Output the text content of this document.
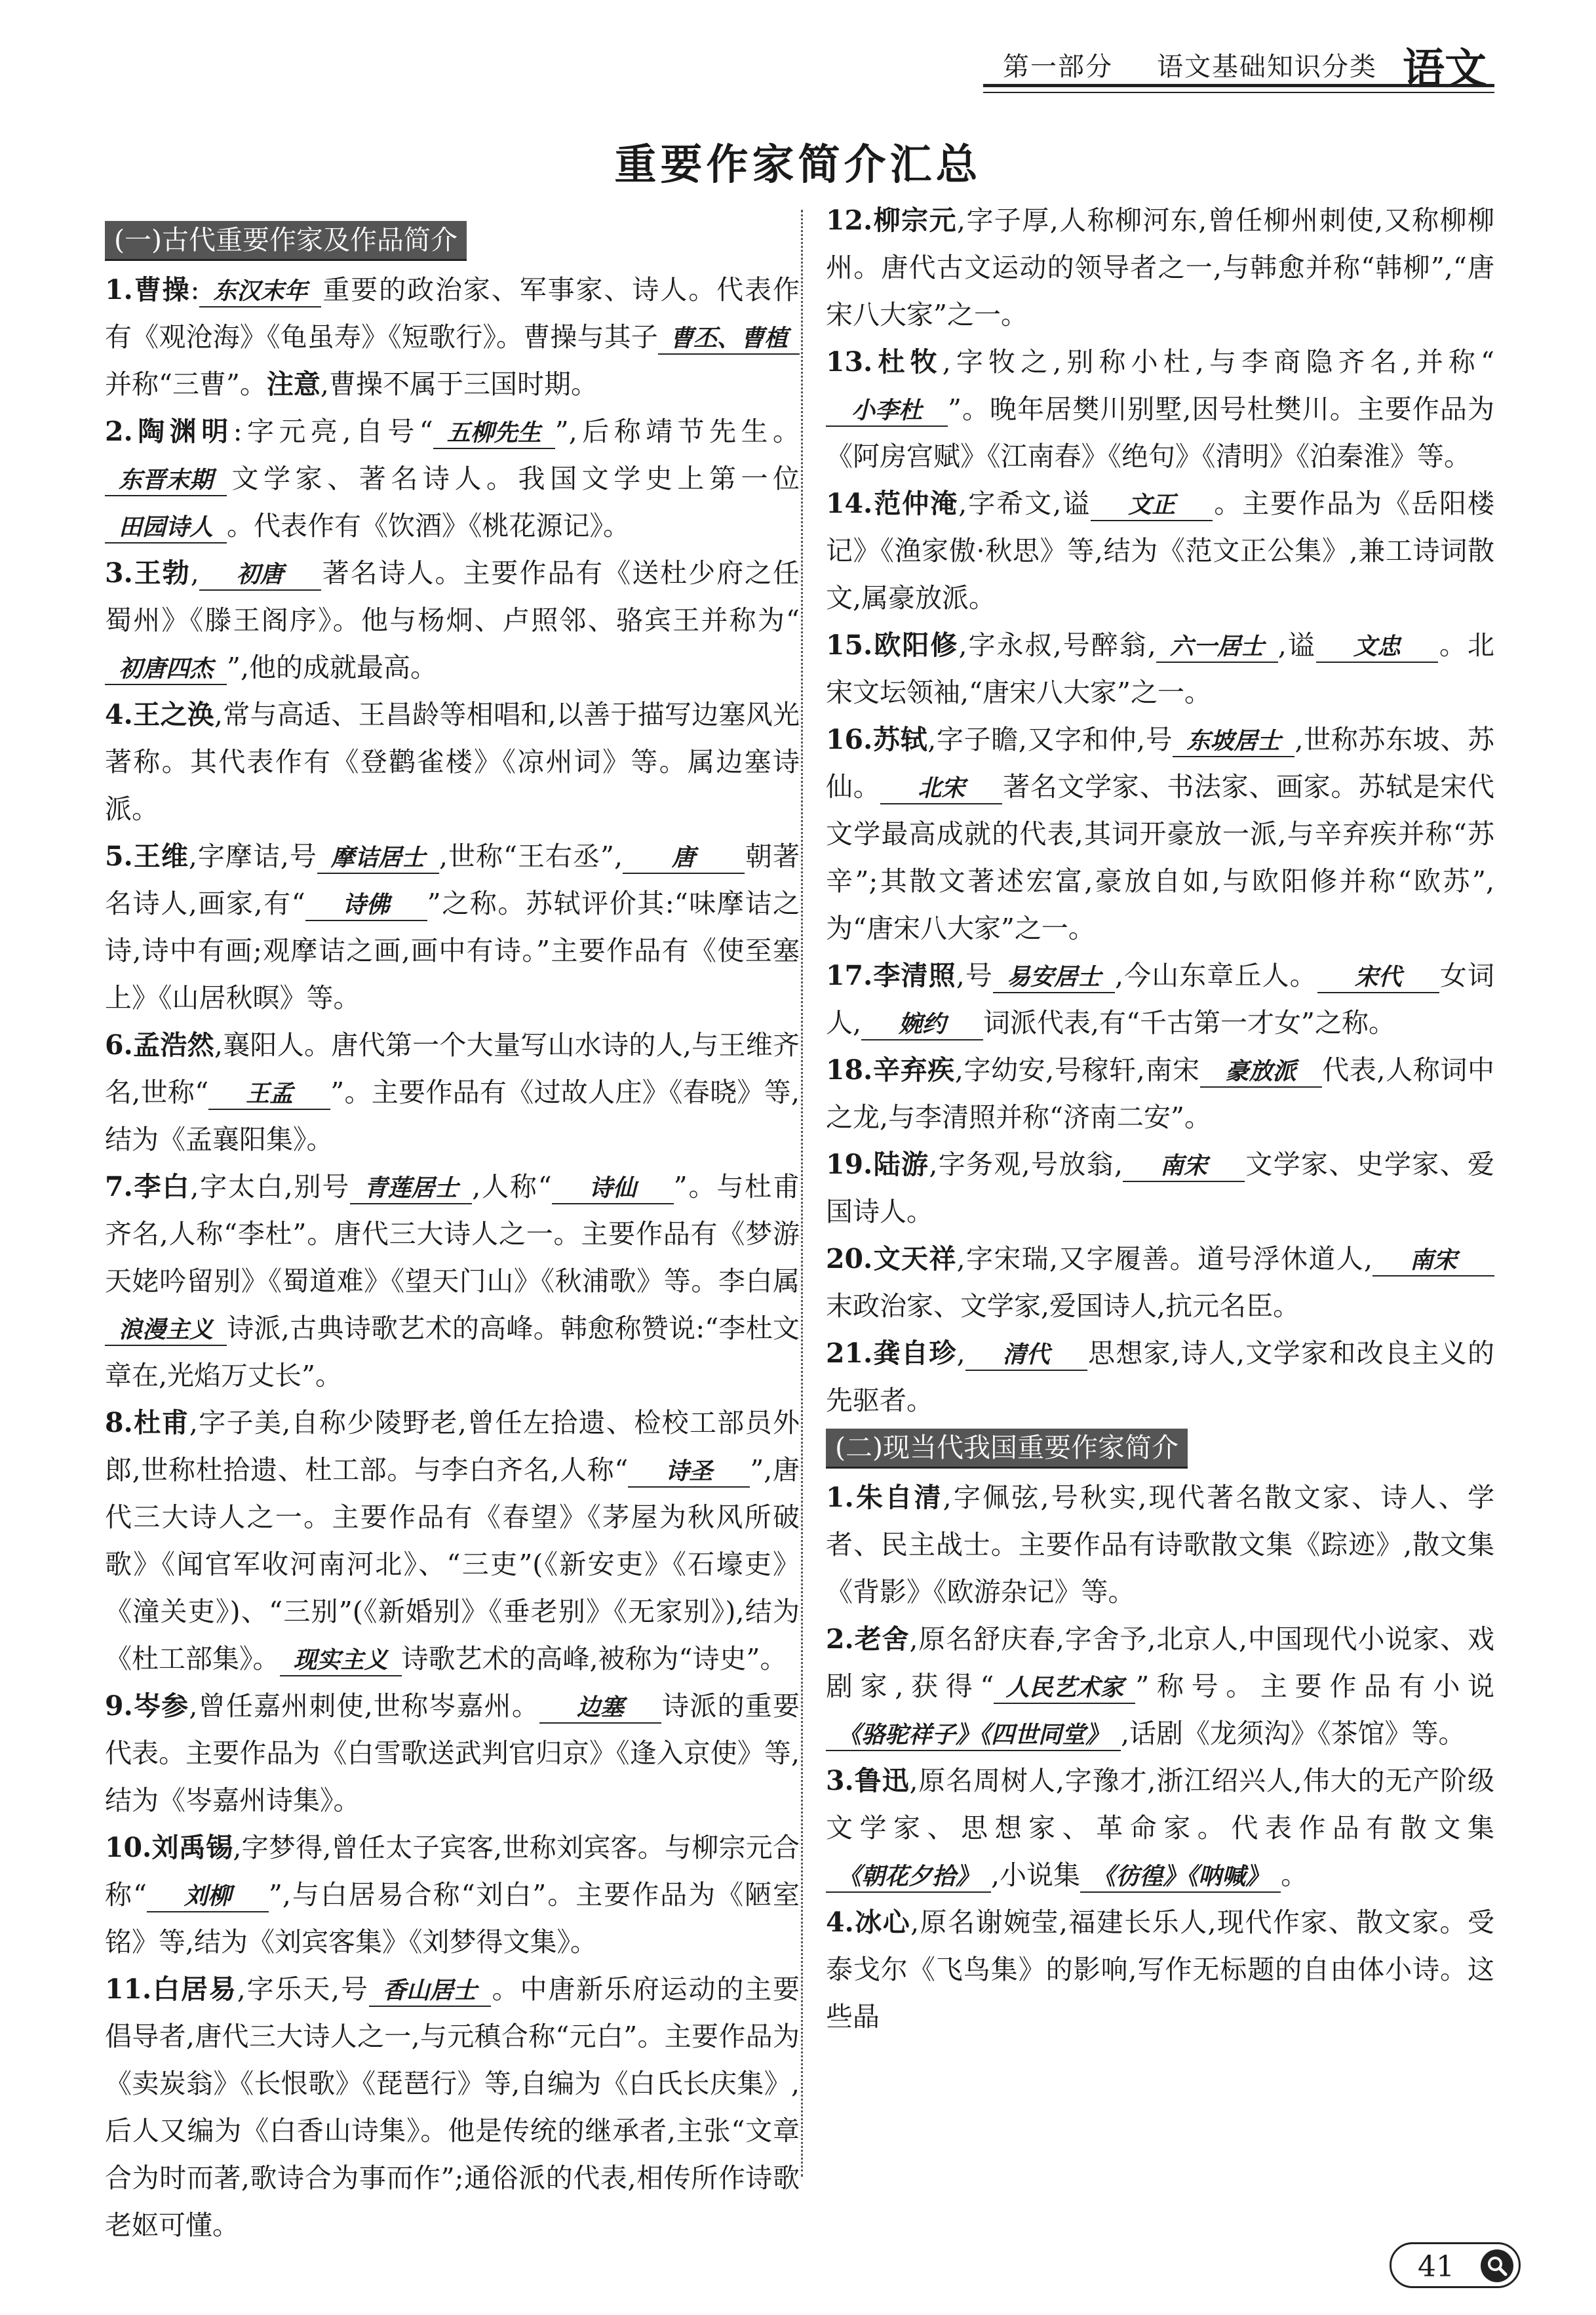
第一部分 语文基础知识分类 语文
重要作家简介汇总
(一)古代重要作家及作品简介

1.曹操: 东汉末年 重要的政治家、军事家、诗人。代表作有《观沧海》《龟虽寿》《短歌行》。曹操与其子 曹丕、曹植并称“三曹”。注意,曹操不属于三国时期。

2.陶渊明:字元亮,自号“ 五柳先生 ”,后称靖节先生。东晋末期 文学家、著名诗人。我国文学史上第一位田园诗人 。代表作有《饮酒》《桃花源记》。

3.王勃, 初唐 著名诗人。主要作品有《送杜少府之任蜀州》《滕王阁序》。他与杨炯、卢照邻、骆宾王并称为“初唐四杰 ”,他的成就最高。

4.王之涣,常与高适、王昌龄等相唱和,以善于描写边塞风光著称。其代表作有《登鹳雀楼》《凉州词》等。属边塞诗派。

5.王维,字摩诘,号 摩诘居士 ,世称“王右丞”, 唐 朝著名诗人,画家,有“ 诗佛 ”之称。苏轼评价其:“味摩诘之诗,诗中有画;观摩诘之画,画中有诗。”主要作品有《使至塞上》《山居秋暝》等。

6.孟浩然,襄阳人。唐代第一个大量写山水诗的人,与王维齐名,世称“ 王孟 ”。主要作品有《过故人庄》《春晓》等,结为《孟襄阳集》。

7.李白,字太白,别号 青莲居士 ,人称“ 诗仙 ”。与杜甫齐名,人称“李杜”。唐代三大诗人之一。主要作品有《梦游天姥吟留别》《蜀道难》《望天门山》《秋浦歌》等。李白属浪漫主义 诗派,古典诗歌艺术的高峰。韩愈称赞说:“李杜文章在,光焰万丈长”。

8.杜甫,字子美,自称少陵野老,曾任左拾遗、检校工部员外郎,世称杜拾遗、杜工部。与李白齐名,人称“ 诗圣 ”,唐代三大诗人之一。主要作品有《春望》《茅屋为秋风所破歌》《闻官军收河南河北》、“三吏”(《新安吏》《石壕吏》《潼关吏》)、“三别”(《新婚别》《垂老别》《无家别》),结为《杜工部集》。 现实主义 诗歌艺术的高峰,被称为“诗史”。

9.岑参,曾任嘉州刺使,世称岑嘉州。 边塞 诗派的重要代表。主要作品为《白雪歌送武判官归京》《逢入京使》等,结为《岑嘉州诗集》。

10.刘禹锡,字梦得,曾任太子宾客,世称刘宾客。与柳宗元合称“ 刘柳 ”,与白居易合称“刘白”。主要作品为《陋室铭》等,结为《刘宾客集》《刘梦得文集》。

11.白居易,字乐天,号 香山居士 。中唐新乐府运动的主要倡导者,唐代三大诗人之一,与元稹合称“元白”。主要作品为《卖炭翁》《长恨歌》《琵琶行》等,自编为《白氏长庆集》,后人又编为《白香山诗集》。他是传统的继承者,主张“文章合为时而著,歌诗合为事而作”;通俗派的代表,相传所作诗歌老妪可懂。

12.柳宗元,字子厚,人称柳河东,曾任柳州刺使,又称柳柳州。唐代古文运动的领导者之一,与韩愈并称“韩柳”,“唐宋八大家”之一。

13.杜牧,字牧之,别称小杜,与李商隐齐名,并称“小李杜 ”。晚年居樊川别墅,因号杜樊川。主要作品为《阿房宫赋》《江南春》《绝句》《清明》《泊秦淮》等。

14.范仲淹,字希文,谥 文正 。主要作品为《岳阳楼记》《渔家傲·秋思》等,结为《范文正公集》,兼工诗词散文,属豪放派。

15.欧阳修,字永叔,号醉翁, 六一居士 ,谥 文忠 。北宋文坛领袖,“唐宋八大家”之一。

16.苏轼,字子瞻,又字和仲,号 东坡居士 ,世称苏东坡、苏仙。 北宋 著名文学家、书法家、画家。苏轼是宋代文学最高成就的代表,其词开豪放一派,与辛弃疾并称“苏辛”;其散文著述宏富,豪放自如,与欧阳修并称“欧苏”,为“唐宋八大家”之一。

17.李清照,号 易安居士 ,今山东章丘人。 宋代 女词人, 婉约 词派代表,有“千古第一才女”之称。

18.辛弃疾,字幼安,号稼轩,南宋 豪放派 代表,人称词中之龙,与李清照并称“济南二安”。

19.陆游,字务观,号放翁, 南宋 文学家、史学家、爱国诗人。

20.文天祥,字宋瑞,又字履善。道号浮休道人, 南宋末政治家、文学家,爱国诗人,抗元名臣。

21.龚自珍, 清代 思想家,诗人,文学家和改良主义的先驱者。

(二)现当代我国重要作家简介

1.朱自清,字佩弦,号秋实,现代著名散文家、诗人、学者、民主战士。主要作品有诗歌散文集《踪迹》,散文集《背影》《欧游杂记》等。

2.老舍,原名舒庆春,字舍予,北京人,中国现代小说家、戏剧家,获得“ 人民艺术家 ”称号。主要作品有小说《骆驼祥子》《四世同堂》 ,话剧《龙须沟》《茶馆》等。

3.鲁迅,原名周树人,字豫才,浙江绍兴人,伟大的无产阶级文学家、思想家、革命家。代表作品有散文集《朝花夕拾》 ,小说集 《彷徨》《呐喊》 。

4.冰心,原名谢婉莹,福建长乐人,现代作家、散文家。受泰戈尔《飞鸟集》的影响,写作无标题的自由体小诗。这些晶

41
